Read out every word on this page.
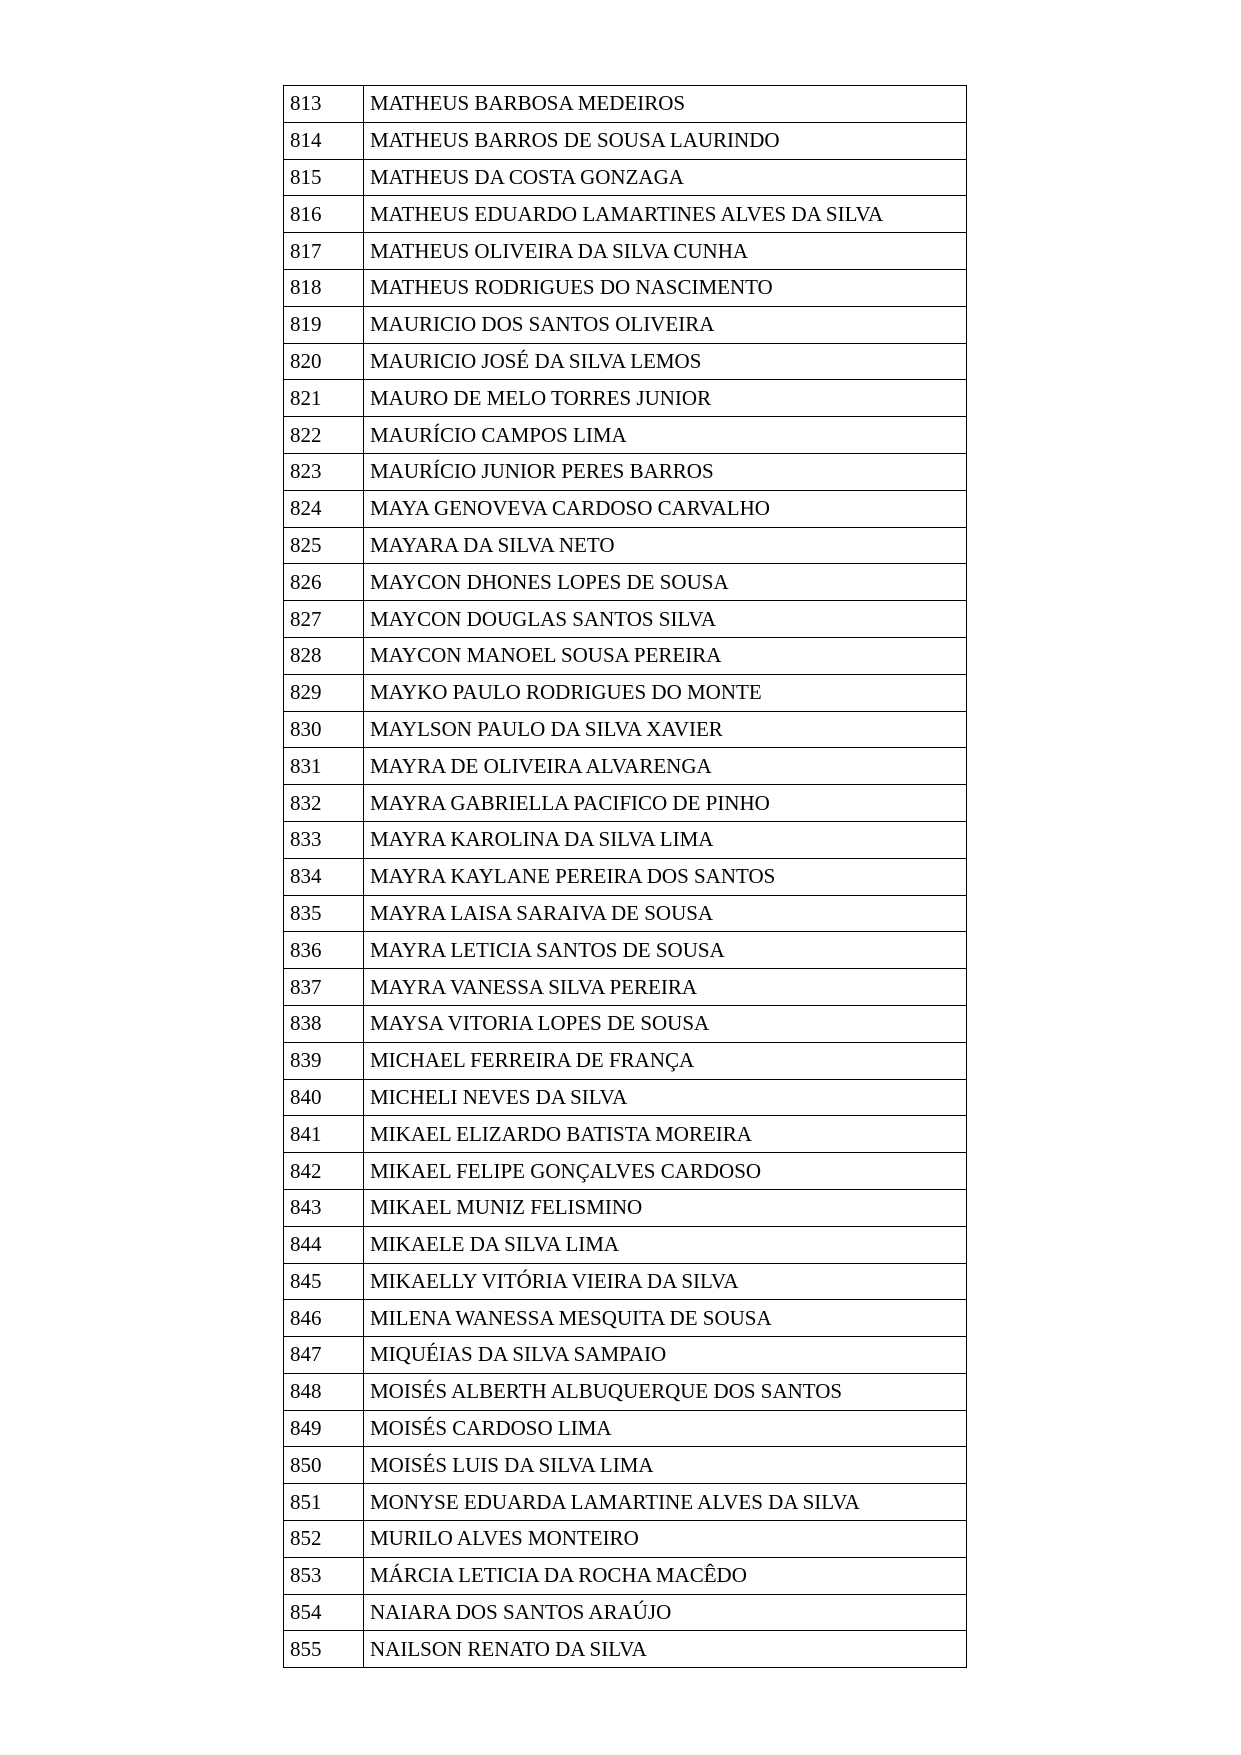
813	MATHEUS BARBOSA MEDEIROS
814	MATHEUS BARROS DE SOUSA LAURINDO
815	MATHEUS DA COSTA GONZAGA
816	MATHEUS EDUARDO LAMARTINES ALVES DA SILVA
817	MATHEUS OLIVEIRA DA SILVA CUNHA
818	MATHEUS RODRIGUES DO NASCIMENTO
819	MAURICIO DOS SANTOS OLIVEIRA
820	MAURICIO JOSÉ DA SILVA LEMOS
821	MAURO DE MELO TORRES JUNIOR
822	MAURÍCIO CAMPOS LIMA
823	MAURÍCIO JUNIOR PERES BARROS
824	MAYA GENOVEVA CARDOSO CARVALHO
825	MAYARA DA SILVA NETO
826	MAYCON DHONES LOPES DE SOUSA
827	MAYCON DOUGLAS SANTOS SILVA
828	MAYCON MANOEL SOUSA PEREIRA
829	MAYKO PAULO RODRIGUES DO MONTE
830	MAYLSON PAULO DA SILVA XAVIER
831	MAYRA DE OLIVEIRA ALVARENGA
832	MAYRA GABRIELLA PACIFICO DE PINHO
833	MAYRA KAROLINA DA SILVA LIMA
834	MAYRA KAYLANE PEREIRA DOS SANTOS
835	MAYRA LAISA SARAIVA DE SOUSA
836	MAYRA LETICIA SANTOS DE SOUSA
837	MAYRA VANESSA SILVA PEREIRA
838	MAYSA VITORIA LOPES DE SOUSA
839	MICHAEL FERREIRA DE FRANÇA
840	MICHELI NEVES DA SILVA
841	MIKAEL ELIZARDO BATISTA MOREIRA
842	MIKAEL FELIPE GONÇALVES CARDOSO
843	MIKAEL MUNIZ FELISMINO
844	MIKAELE DA SILVA LIMA
845	MIKAELLY VITÓRIA VIEIRA DA SILVA
846	MILENA WANESSA MESQUITA DE SOUSA
847	MIQUÉIAS DA SILVA SAMPAIO
848	MOISÉS ALBERTH ALBUQUERQUE DOS SANTOS
849	MOISÉS CARDOSO LIMA
850	MOISÉS LUIS DA SILVA LIMA
851	MONYSE EDUARDA LAMARTINE ALVES DA SILVA
852	MURILO ALVES MONTEIRO
853	MÁRCIA LETICIA DA ROCHA MACÊDO
854	NAIARA DOS SANTOS ARAÚJO
855	NAILSON RENATO DA SILVA
